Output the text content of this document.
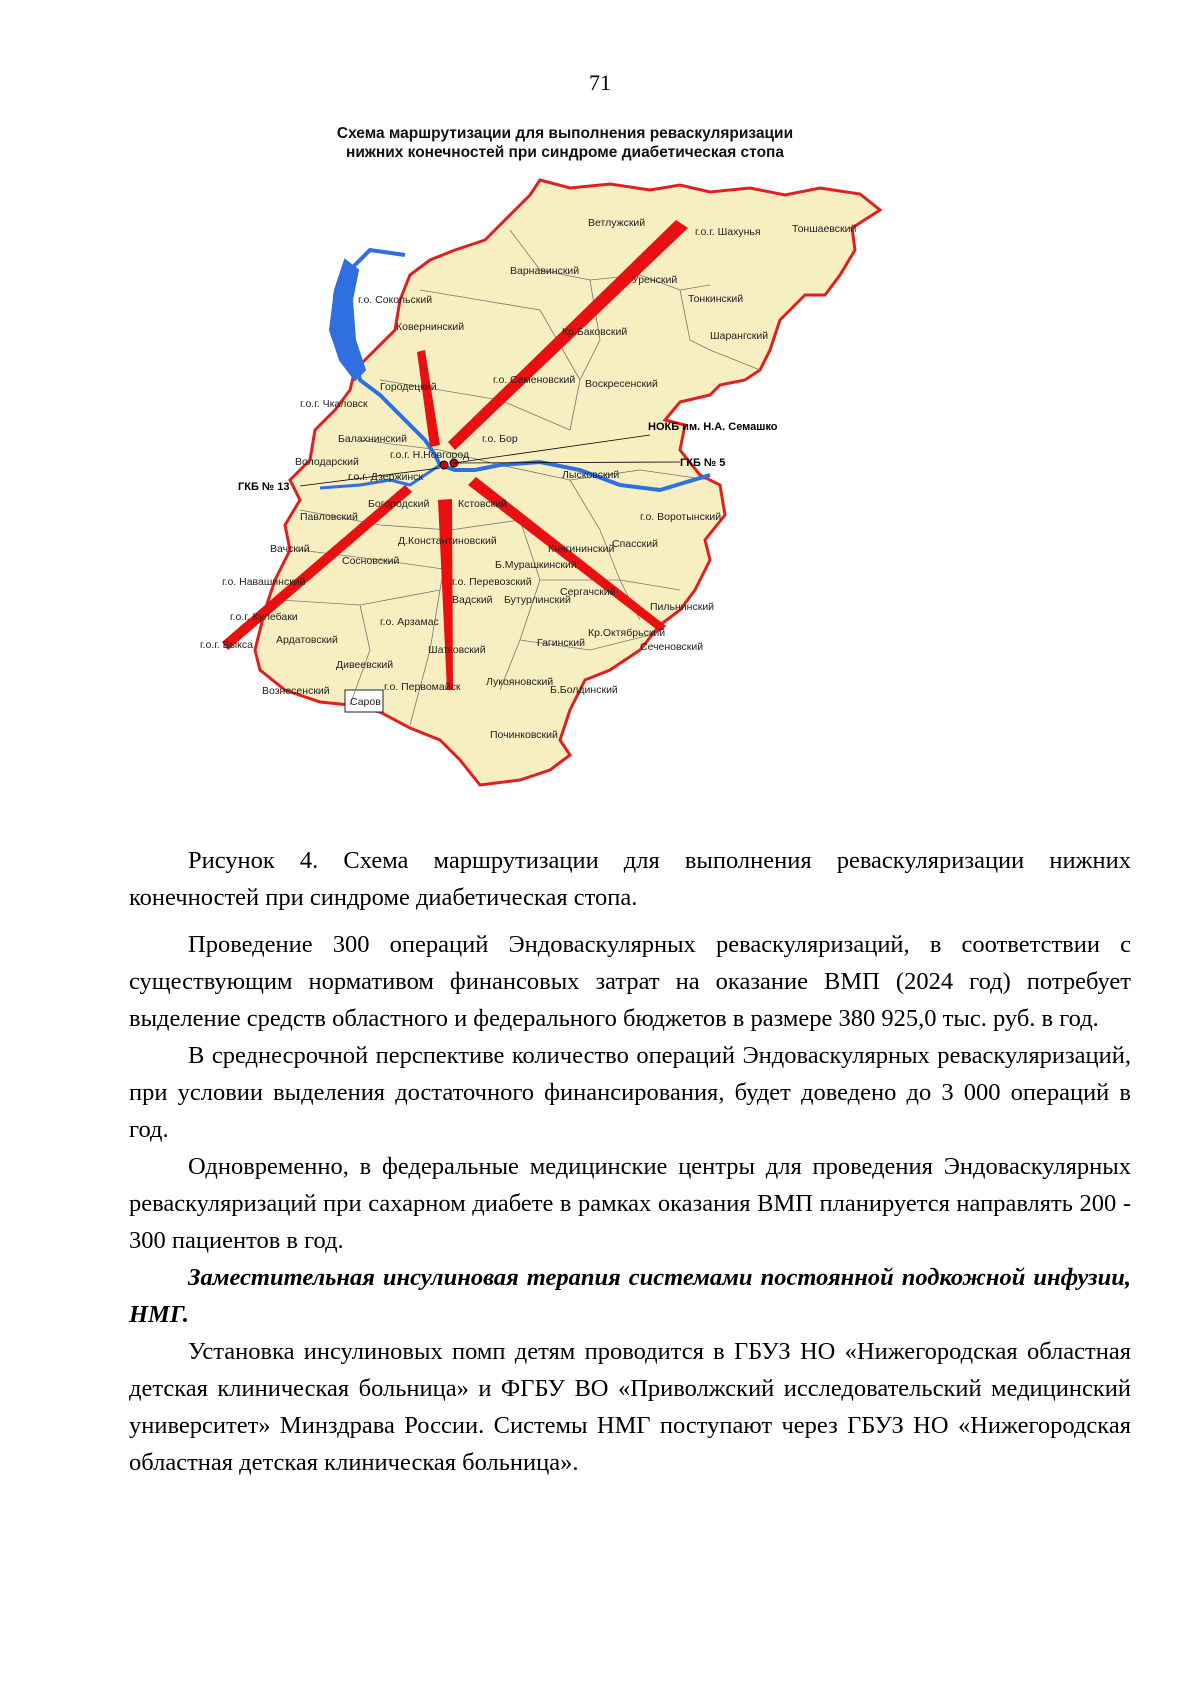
71
Схема маршрутизации для выполнения реваскуляризации
нижних конечностей при синдроме диабетическая стопа
НОКБ им. Н.А. Семашко
ГКБ № 5
ГКБ № 13
Ветлужский
г.о.г. Шахунья	Тоншаевский
Варнавинский
Уренский
г.о. Сокольский	Тонкинский
Ковернинский	Кр.Баковский	Шарангский
Городецкий
г.о. Семеновский Воскресенский
г.о.г. Чкаловск
Балахнинский	г.о. Бор
г.о.г. Н.Новгород
Володарский
г.о.г. Дзержинск
Богородский	Кстовский
Лысковский
г.о. Воротынский
Павловский
Д.Константиновский
Княгининский
Спасский
Вачский
Сосновский	Б.Мурашкинский
г.о. Навашинский	г.о. Перевозский
Сергачский
Вадский Бутурлинский
Пильнинский
г.о.г. Кулебаки	г.о. Арзамас
г.о.г. Выкса Ардатовский
Шатковский
Гагинский
Кр.Октябрьский
Сеченовский
Дивеевский
Лукояновский
Вознесенский	г.о. Первомайск	Б.Болдинский
Саров
Починковский

Рисунок 4. Схема маршрутизации для выполнения реваскуляризации нижних конечностей при синдроме диабетическая стопа.

Проведение 300 операций Эндоваскулярных реваскуляризаций, в соответствии с существующим нормативом финансовых затрат на оказание ВМП (2024 год) потребует выделение средств областного и федерального бюджетов в размере 380 925,0 тыс. руб. в год.

В среднесрочной перспективе количество операций Эндоваскулярных реваскуляризаций, при условии выделения достаточного финансирования, будет доведено до 3 000 операций в год.

Одновременно, в федеральные медицинские центры для проведения Эндоваскулярных реваскуляризаций при сахарном диабете в рамках оказания ВМП планируется направлять 200 - 300 пациентов в год.

Заместительная инсулиновая терапия системами постоянной подкожной инфузии, НМГ.

Установка инсулиновых помп детям проводится в ГБУЗ НО «Нижегородская областная детская клиническая больница» и ФГБУ ВО «Приволжский исследовательский медицинский университет» Минздрава России. Системы НМГ поступают через ГБУЗ НО «Нижегородская областная детская клиническая больница».
